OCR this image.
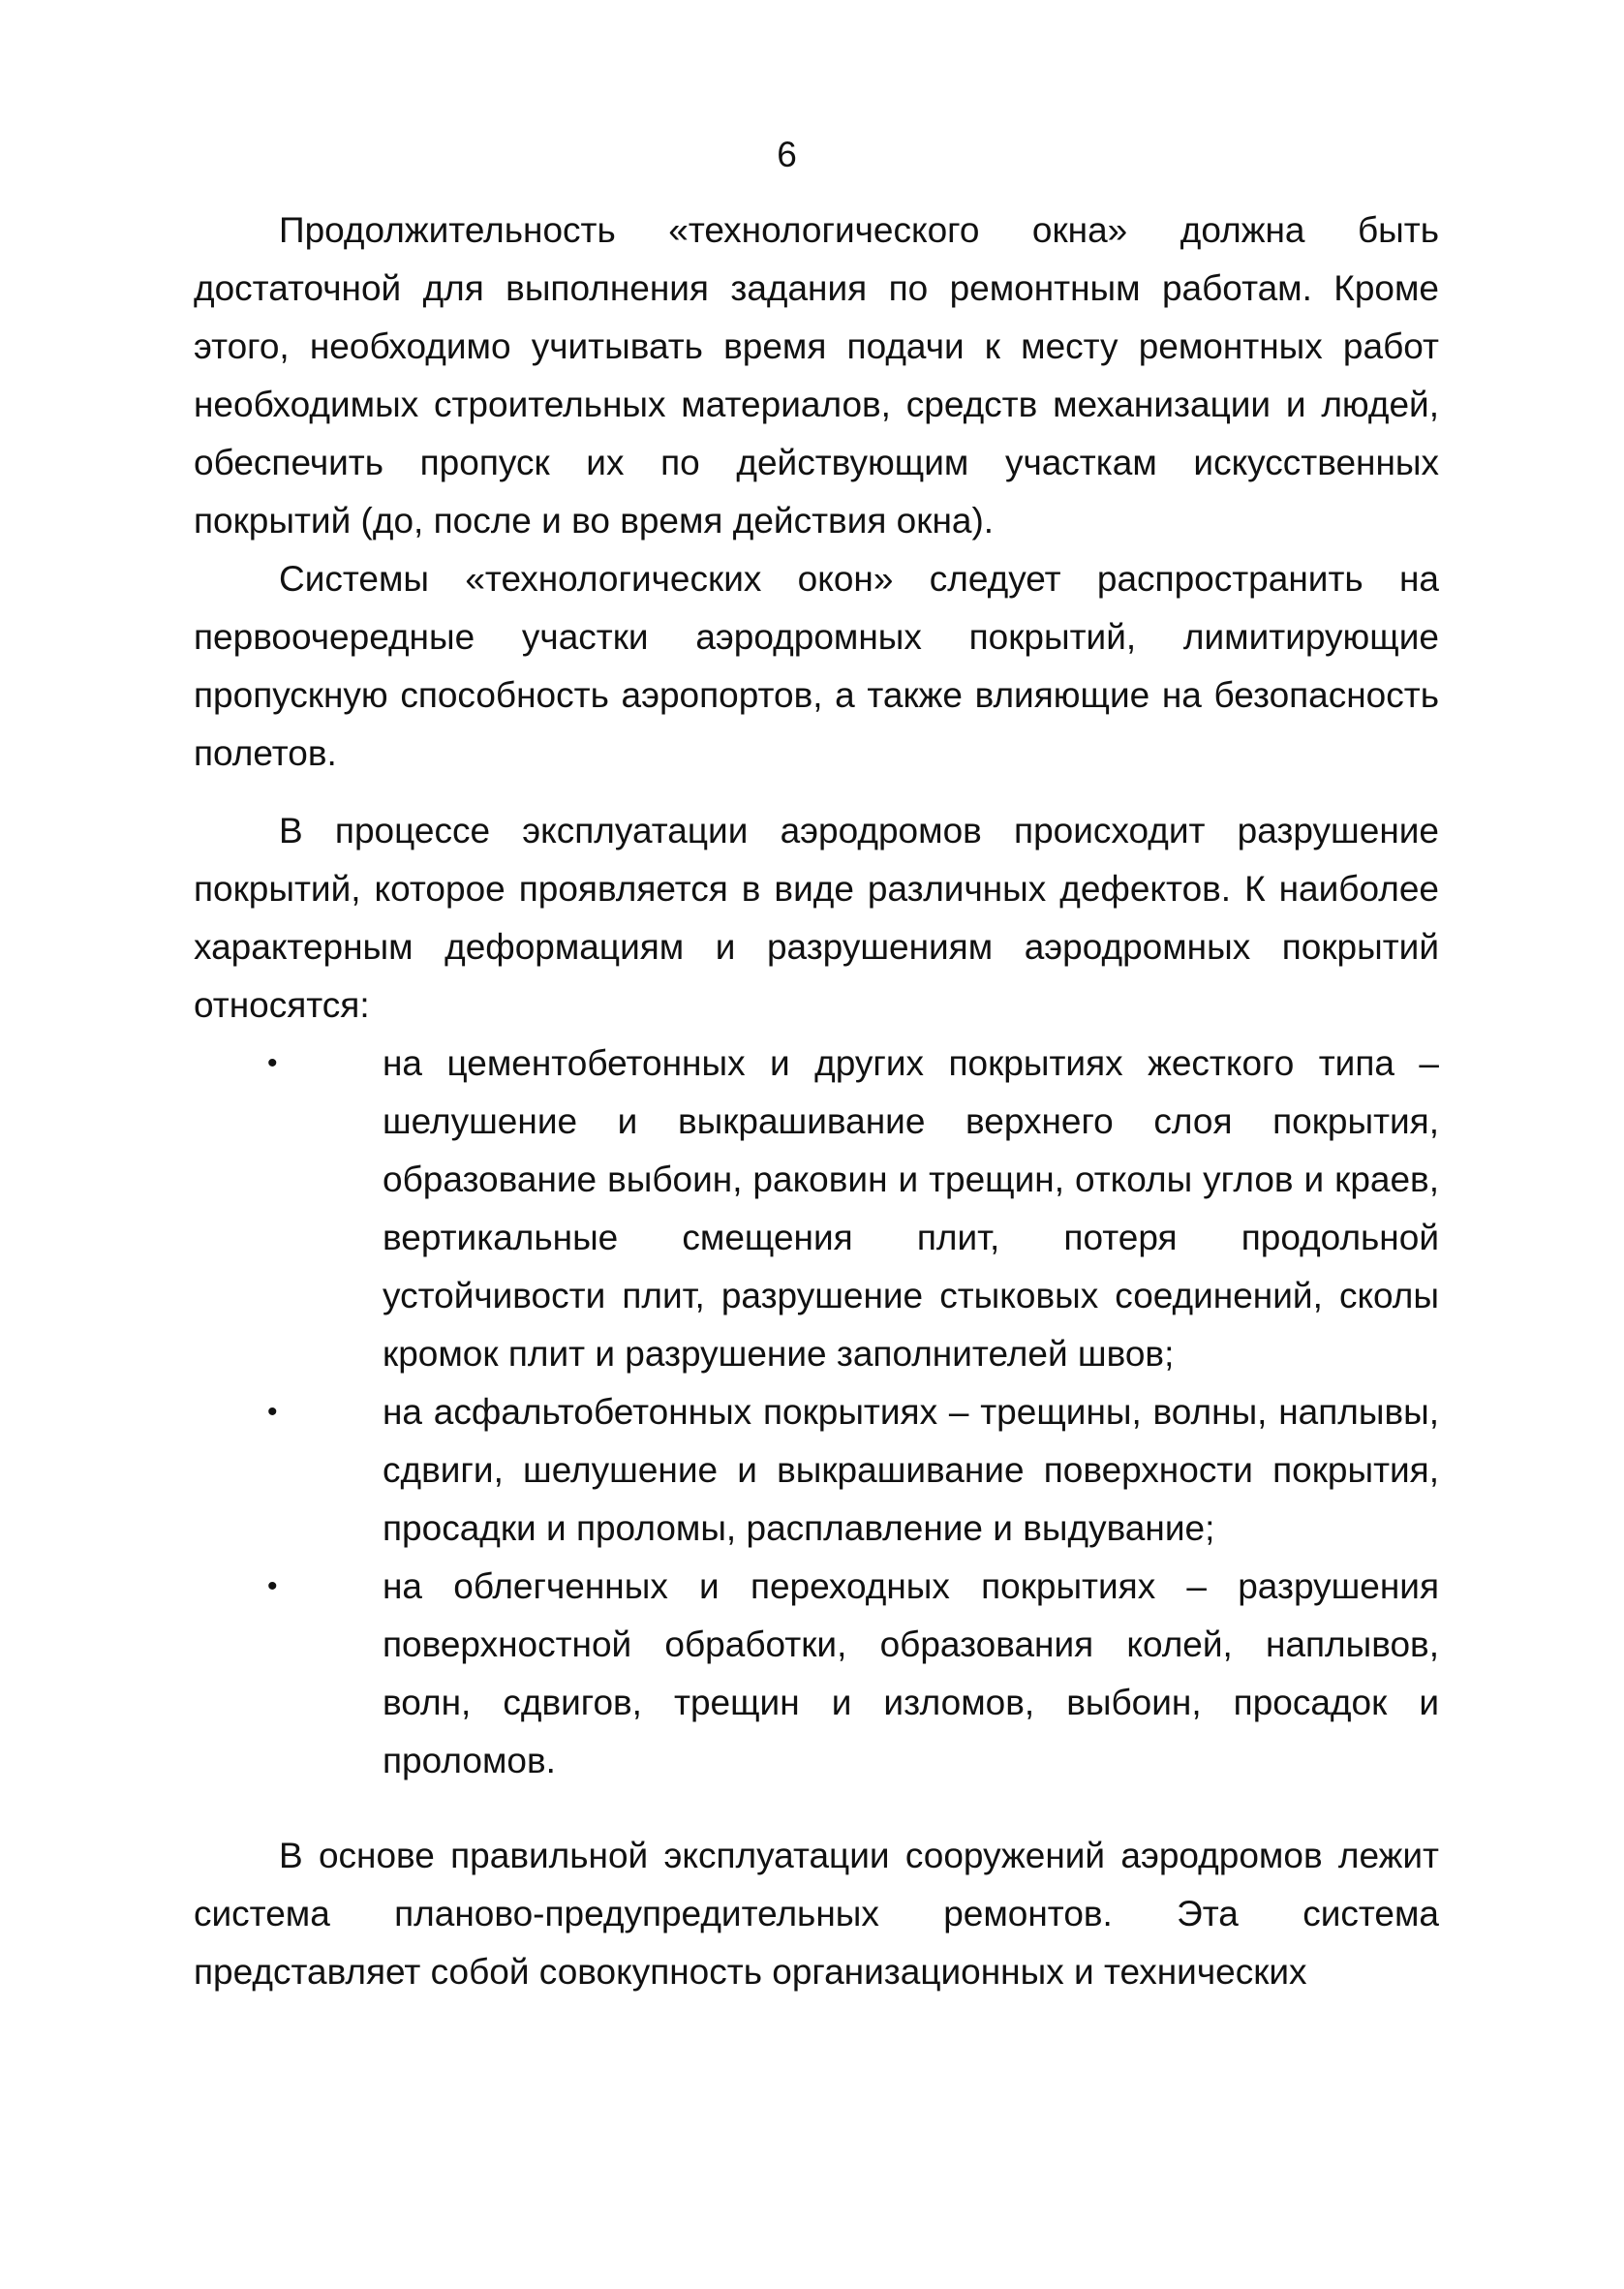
6

Продолжительность «технологического окна» должна быть достаточной для выполнения задания по ремонтным работам. Кроме этого, необходимо учитывать время подачи к месту ремонтных работ необходимых строительных материалов, средств механизации и людей, обеспечить пропуск их по действующим участкам искусственных покрытий (до, после и во время действия окна).

Системы «технологических окон» следует распространить на первоочередные участки аэродромных покрытий, лимитирующие пропускную способность аэропортов, а также влияющие на безопасность полетов.

В процессе эксплуатации аэродромов происходит разрушение покрытий, которое проявляется в виде различных дефектов. К наиболее характерным деформациям и разрушениям аэродромных покрытий относятся:

•	на цементобетонных и других покрытиях жесткого типа – шелушение и выкрашивание верхнего слоя покрытия, образование выбоин, раковин и трещин, отколы углов и краев, вертикальные смещения плит, потеря продольной устойчивости плит, разрушение стыковых соединений, сколы кромок плит и разрушение заполнителей швов;
•	на асфальтобетонных покрытиях – трещины, волны, наплывы, сдвиги, шелушение и выкрашивание поверхности покрытия, просадки и проломы, расплавление и выдувание;
•	на облегченных и переходных покрытиях – разрушения поверхностной обработки, образования колей, наплывов, волн, сдвигов, трещин и изломов, выбоин, просадок и проломов.

В основе правильной эксплуатации сооружений аэродромов лежит система планово-предупредительных ремонтов. Эта система представляет собой совокупность организационных и технических
